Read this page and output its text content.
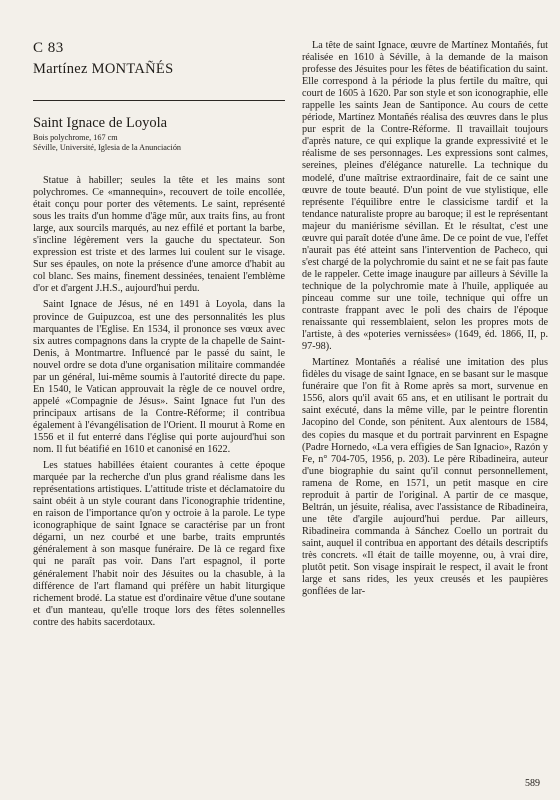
C 83
Martínez MONTAÑÉS
Saint Ignace de Loyola

Bois polychrome, 167 cm

Séville, Université, Iglesia de la Anunciación

Statue à habiller; seules la tête et les mains sont polychromes. Ce «mannequin», recouvert de toile encollée, était conçu pour porter des vêtements. Le saint, représenté sous les traits d'un homme d'âge mûr, aux traits fins, au front large, aux sourcils marqués, au nez effilé et portant la barbe, s'incline légèrement vers la gauche du spectateur. Son expression est triste et des larmes lui coulent sur le visage. Sur ses épaules, on note la présence d'une amorce d'habit au col blanc. Ses mains, finement dessinées, tenaient l'emblème d'or et d'argent J.H.S., aujourd'hui perdu.

Saint Ignace de Jésus, né en 1491 à Loyola, dans la province de Guipuzcoa, est une des personnalités les plus marquantes de l'Eglise. En 1534, il prononce ses vœux avec six autres compagnons dans la crypte de la chapelle de Saint-Denis, à Montmartre. Influencé par le passé du saint, le nouvel ordre se dota d'une organisation militaire commandée par un général, lui-même soumis à l'autorité directe du pape. En 1540, le Vatican approuvait la règle de ce nouvel ordre, appelé «Compagnie de Jésus». Saint Ignace fut l'un des principaux artisans de la Contre-Réforme; il contribua également à l'évangélisation de l'Orient. Il mourut à Rome en 1556 et il fut enterré dans l'église qui porte aujourd'hui son nom. Il fut béatifié en 1610 et canonisé en 1622.

Les statues habillées étaient courantes à cette époque marquée par la recherche d'un plus grand réalisme dans les représentations artistiques. L'attitude triste et déclamatoire du saint obéit à un style courant dans l'iconographie tridentine, en raison de l'importance qu'on y octroie à la parole. Le type iconographique de saint Ignace se caractérise par un front dégarni, un nez courbé et une barbe, traits empruntés généralement à son masque funéraire. De là ce regard fixe qui ne paraît pas voir. Dans l'art espagnol, il porte généralement l'habit noir des Jésuites ou la chasuble, à la différence de l'art flamand qui préfère un habit liturgique richement brodé. La statue est d'ordinaire vêtue d'une soutane et d'un manteau, qu'elle troque lors des fêtes solennelles contre des habits sacerdotaux.

La tête de saint Ignace, œuvre de Martínez Montañés, fut réalisée en 1610 à Séville, à la demande de la maison professe des Jésuites pour les fêtes de béatification du saint. Elle correspond à la période la plus fertile du maître, qui court de 1605 à 1620. Par son style et son iconographie, elle rappelle les saints Jean de Santiponce. Au cours de cette période, Martínez Montañés réalisa des œuvres dans le plus pur esprit de la Contre-Réforme. Il travaillait toujours d'après nature, ce qui explique la grande expressivité et le réalisme de ses personnages. Les expressions sont calmes, sereines, pleines d'élégance naturelle. La technique du modelé, d'une maîtrise extraordinaire, fait de ce saint une œuvre de toute beauté. D'un point de vue stylistique, elle représente l'équilibre entre le classicisme tardif et la tendance naturaliste propre au baroque; il est le représentant majeur du maniérisme sévillan. Et le résultat, c'est une œuvre qui paraît dotée d'une âme. De ce point de vue, l'effet n'aurait pas été atteint sans l'intervention de Pacheco, qui s'est chargé de la polychromie du saint et ne se fait pas faute de le rappeler. Cette image inaugure par ailleurs à Séville la technique de la polychromie mate à l'huile, appliquée au pinceau comme sur une toile, technique qui offre un contraste frappant avec le poli des chairs de l'époque renaissante qui ressemblaient, selon les propres mots de l'artiste, à des «poteries vernissées» (1649, éd. 1866, II, p. 97-98).

Martínez Montañés a réalisé une imitation des plus fidèles du visage de saint Ignace, en se basant sur le masque funéraire que l'on fit à Rome après sa mort, survenue en 1556, alors qu'il avait 65 ans, et en utilisant le portrait du saint exécuté, dans la même ville, par le peintre florentin Jacopino del Conde, son pénitent. Aux alentours de 1584, des copies du masque et du portrait parvinrent en Espagne (Padre Hornedo, «La vera effigies de San Ignacio», Razón y Fe, n° 704-705, 1956, p. 203). Le père Ribadineira, auteur d'une biographie du saint qu'il connut personnellement, ramena de Rome, en 1571, un petit masque en cire reproduit à partir de l'original. A partir de ce masque, Beltrán, un jésuite, réalisa, avec l'assistance de Ribadineira, une tête d'argile aujourd'hui perdue. Par ailleurs, Ribadineira commanda à Sánchez Coello un portrait du saint, auquel il contribua en apportant des détails descriptifs très concrets. «Il était de taille moyenne, ou, à vrai dire, plutôt petit. Son visage inspirait le respect, il avait le front large et sans rides, les yeux creusés et les paupières gonflées de lar-

589
